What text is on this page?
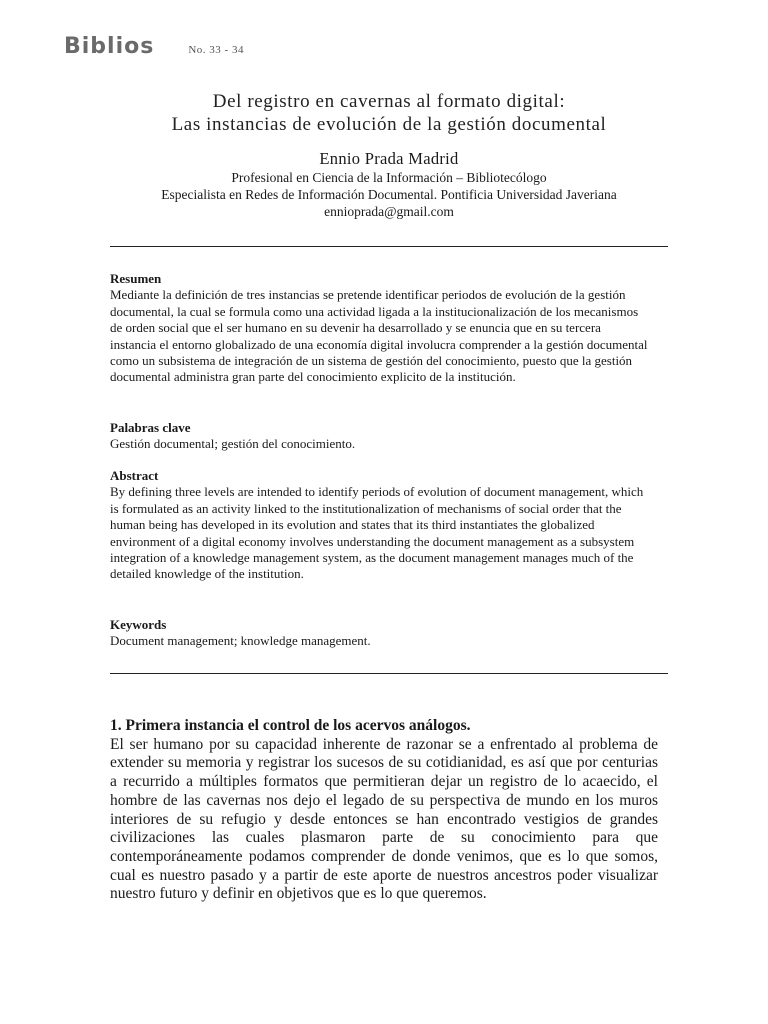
Biblios	No. 33 - 34
Del registro en cavernas al formato digital:
Las instancias de evolución de la gestión documental
Ennio Prada Madrid
Profesional en Ciencia de la Información – Bibliotecólogo
Especialista en Redes de Información Documental. Pontificia Universidad Javeriana
ennioprada@gmail.com
Resumen

Mediante la definición de tres instancias se pretende identificar periodos de evolución de la gestión documental, la cual se formula como una actividad ligada a la institucionalización de los mecanismos de orden social que el ser humano en su devenir ha desarrollado y se enuncia que en su tercera instancia el entorno globalizado de una economía digital involucra comprender a la gestión documental como un subsistema de integración de un sistema de gestión del conocimiento, puesto que la gestión documental administra gran parte del conocimiento explicito de la institución.

Palabras clave

Gestión documental; gestión del conocimiento.

Abstract

By defining three levels are intended to identify periods of evolution of document management, which is formulated as an activity linked to the institutionalization of mechanisms of social order that the human being has developed in its evolution and states that its third instantiates the globalized environment of a digital economy involves understanding the document management as a subsystem integration of a knowledge management system, as the document management manages much of the detailed knowledge of the institution.

Keywords

Document management; knowledge management.

1. Primera instancia el control de los acervos análogos.

El ser humano por su capacidad inherente de razonar se a enfrentado al problema de extender su memoria y registrar los sucesos de su cotidianidad, es así que por centurias a recurrido a múltiples formatos que permitieran dejar un registro de lo acaecido, el hombre de las cavernas nos dejo el legado de su perspectiva de mundo en los muros interiores de su refugio y desde entonces se han encontrado vestigios de grandes civilizaciones las cuales plasmaron parte de su conocimiento para que contemporáneamente podamos comprender de donde venimos, que es lo que somos, cual es nuestro pasado y a partir de este aporte de nuestros ancestros poder visualizar nuestro futuro y definir en objetivos que es lo que queremos.
